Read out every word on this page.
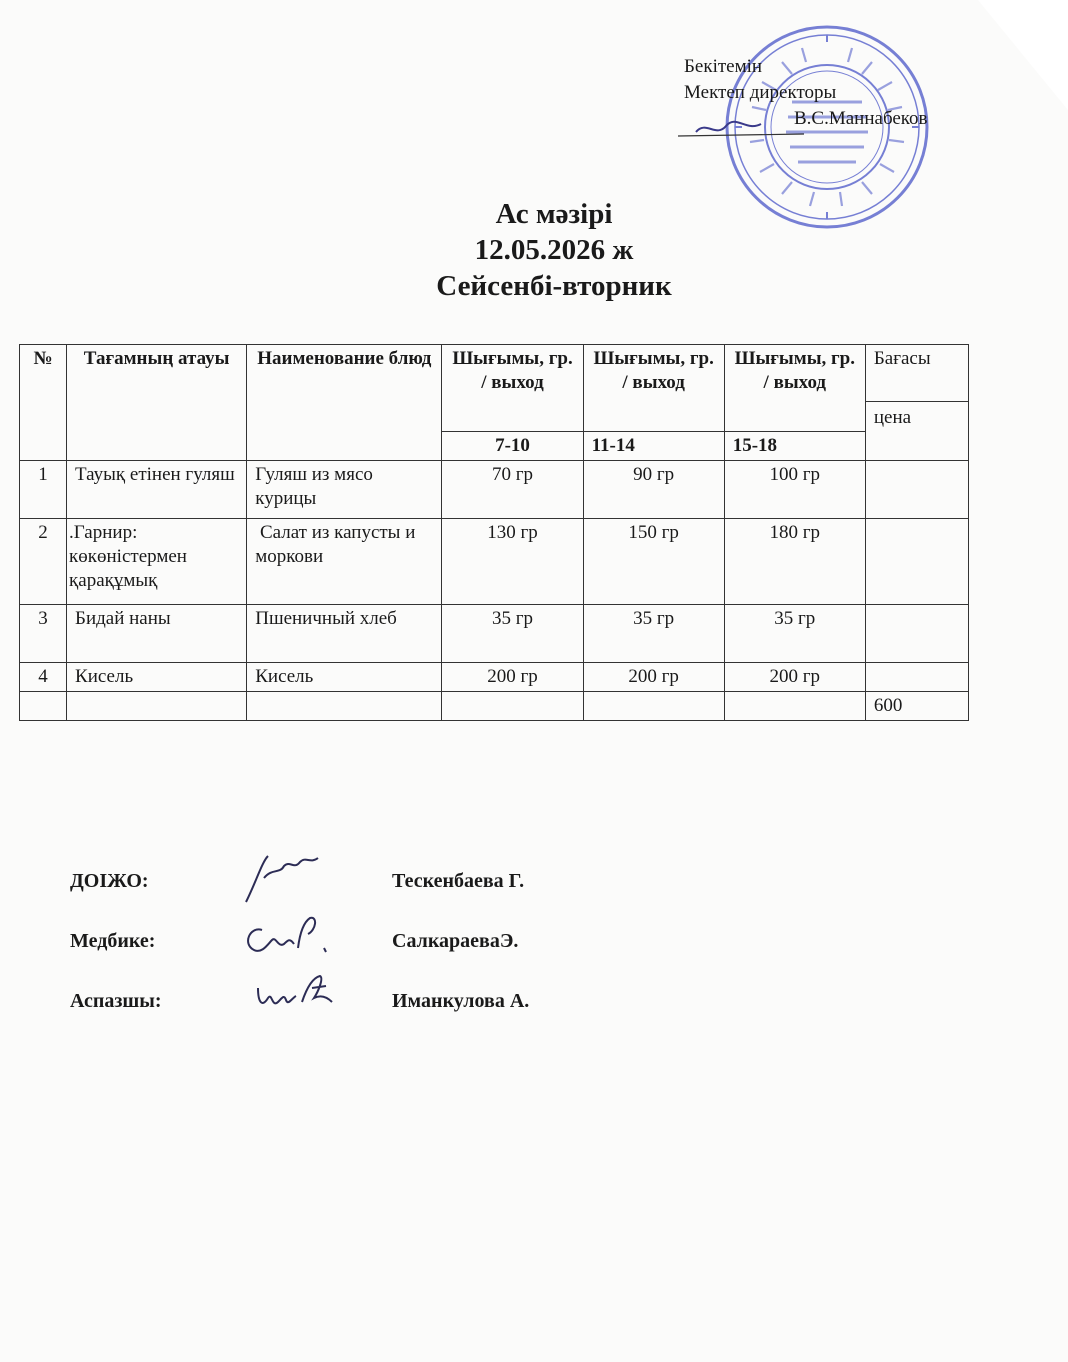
Бекітемін
Мектеп директоры
В.С.Маннабеков
Ас мәзірі
12.05.2026 ж
Сейсенбі-вторник
№	Тағамның атауы	Наименование блюд	Шығымы, гр. / выход	Шығымы, гр. / выход	Шығымы, гр. / выход	Бағасы
						цена
			7-10	11-14	15-18	
1	Тауық етінен гуляш	Гуляш из мясо курицы	70 гр	90 гр	100 гр	
2	.Гарнир: көкөністермен қарақұмық	Салат из капусты и моркови	130 гр	150 гр	180 гр	
3	Бидай наны	Пшеничный хлеб	35 гр	35 гр	35 гр	
4	Кисель	Кисель	200 гр	200 гр	200 гр	
						600
ДОІЖО:	Тескенбаева Г.
Медбике:	СалкараеваЭ.
Аспазшы:	Иманкулова А.
